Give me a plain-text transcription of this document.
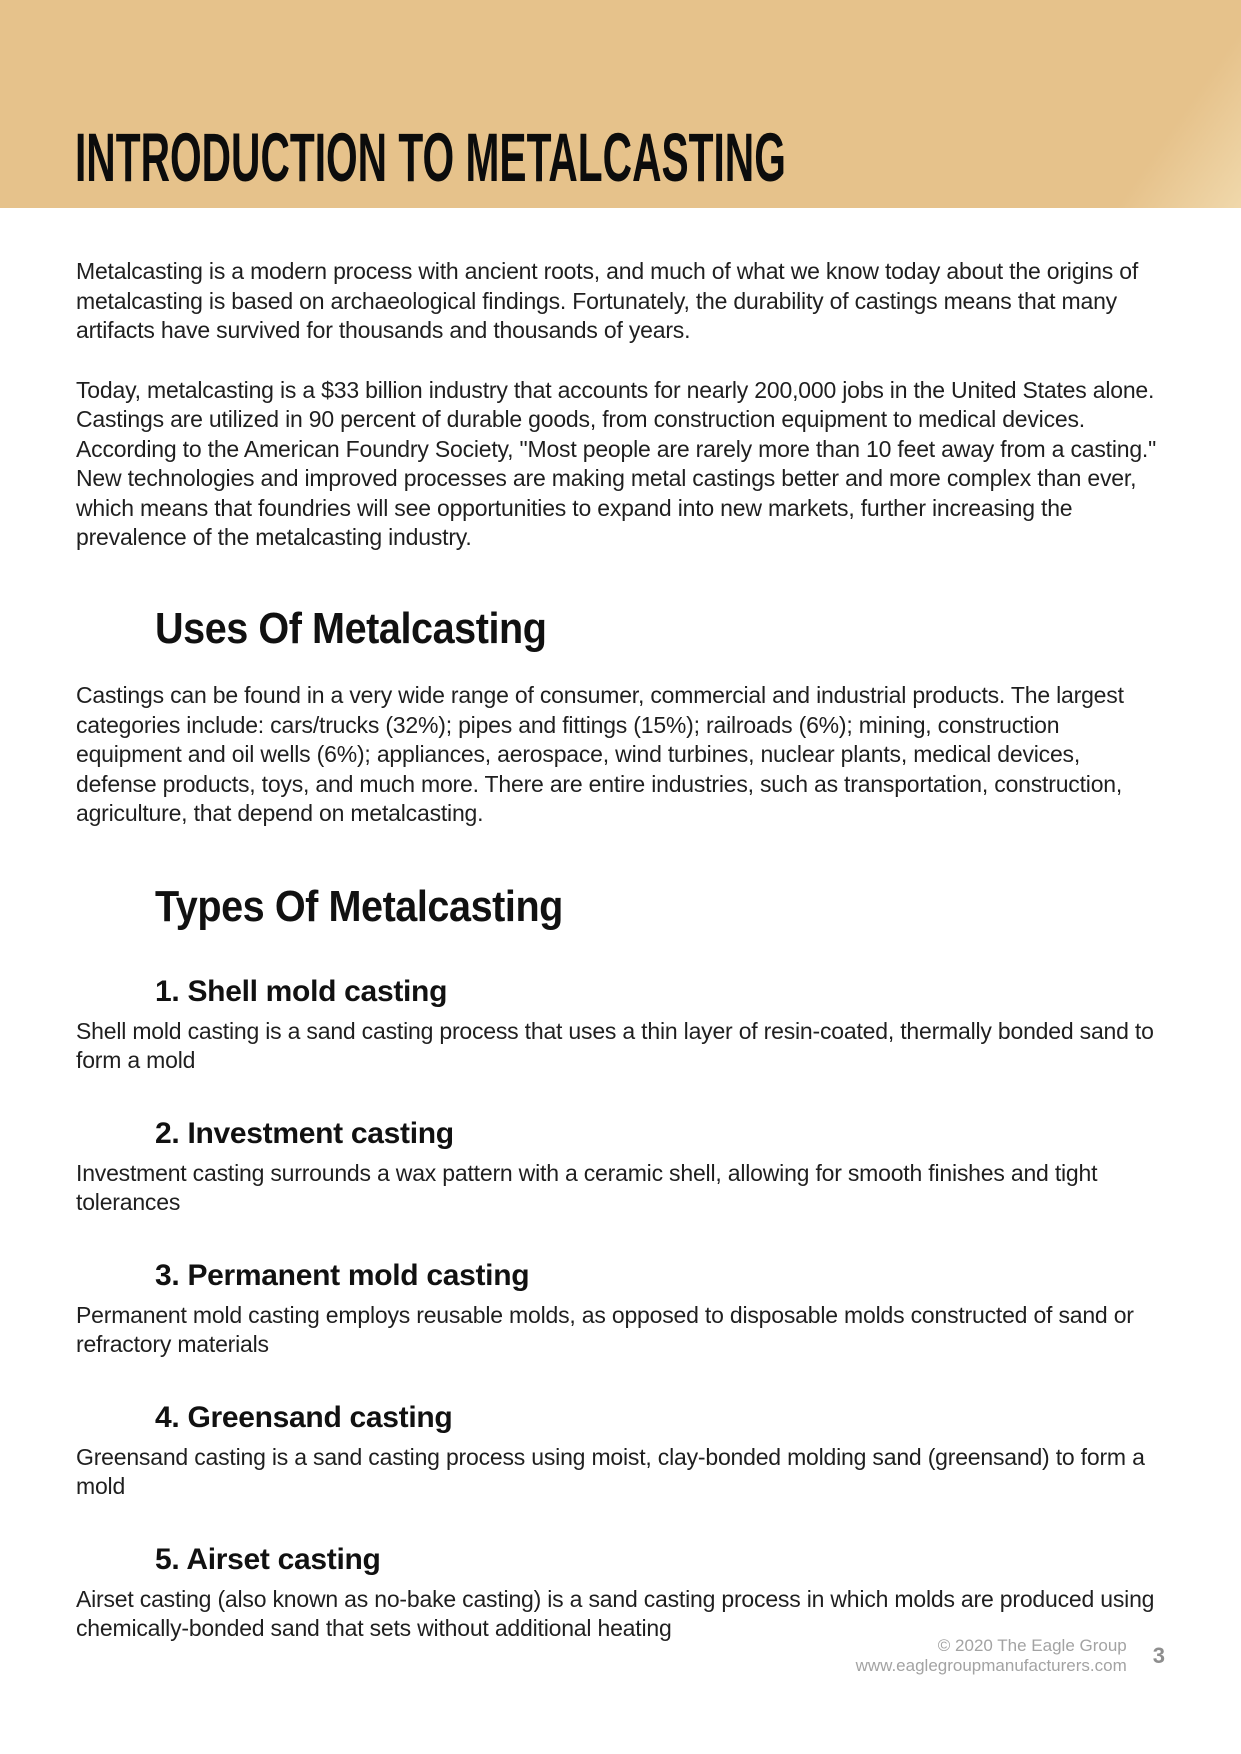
INTRODUCTION TO METALCASTING

Metalcasting is a modern process with ancient roots, and much of what we know today about the origins of metalcasting is based on archaeological findings. Fortunately, the durability of castings means that many artifacts have survived for thousands and thousands of years.

Today, metalcasting is a $33 billion industry that accounts for nearly 200,000 jobs in the United States alone. Castings are utilized in 90 percent of durable goods, from construction equipment to medical devices. According to the American Foundry Society, "Most people are rarely more than 10 feet away from a casting." New technologies and improved processes are making metal castings better and more complex than ever, which means that foundries will see opportunities to expand into new markets, further increasing the prevalence of the metalcasting industry.

Uses Of Metalcasting

Castings can be found in a very wide range of consumer, commercial and industrial products. The largest categories include: cars/trucks (32%); pipes and fittings (15%); railroads (6%); mining, construction equipment and oil wells (6%); appliances, aerospace, wind turbines, nuclear plants, medical devices, defense products, toys, and much more. There are entire industries, such as transportation, construction, agriculture, that depend on metalcasting.

Types Of Metalcasting
1. Shell mold casting

Shell mold casting is a sand casting process that uses a thin layer of resin-coated, thermally bonded sand to form a mold

2. Investment casting

Investment casting surrounds a wax pattern with a ceramic shell, allowing for smooth finishes and tight tolerances

3. Permanent mold casting

Permanent mold casting employs reusable molds, as opposed to disposable molds constructed of sand or refractory materials

4. Greensand casting

Greensand casting is a sand casting process using moist, clay-bonded molding sand (greensand) to form a mold

5. Airset casting

Airset casting (also known as no-bake casting) is a sand casting process in which molds are produced using chemically-bonded sand that sets without additional heating

© 2020 The Eagle Group
www.eaglegroupmanufacturers.com 3
